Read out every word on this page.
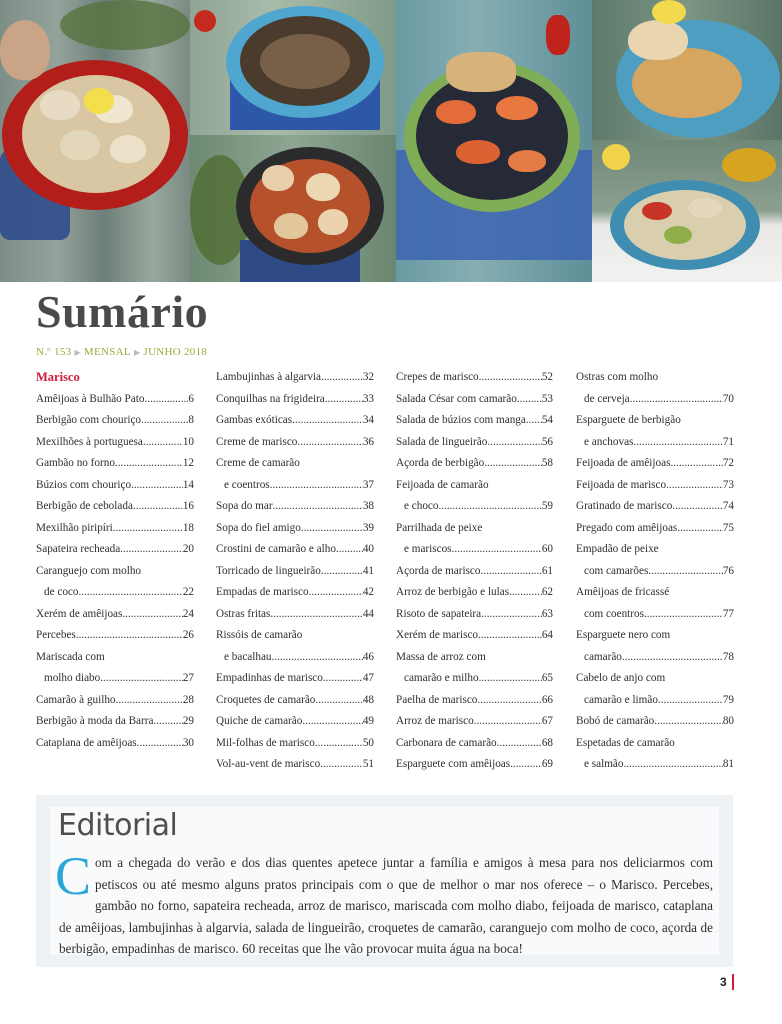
Sumário
N.º 153 ▶ MENSAL ▶ JUNHO 2018
Marisco
Amêijoas à Bulhão Pato .....	6
Berbigão com chouriço .....	8
Mexilhões à portuguesa .....	10
Gambão no forno .....	12
Búzios com chouriço .....	14
Berbigão de cebolada .....	16
Mexilhão piripíri .....	18
Sapateira recheada .....	20
Caranguejo com molho
de coco .....	22
Xerém de amêijoas .....	24
Percebes .....	26
Mariscada com
molho diabo .....	27
Camarão à guilho .....	28
Berbigão à moda da Barra .....	29
Cataplana de amêijoas .....	30
Lambujinhas à algarvia .....	32
Conquilhas na frigideira .....	33
Gambas exóticas .....	34
Creme de marisco .....	36
Creme de camarão
e coentros .....	37
Sopa do mar .....	38
Sopa do fiel amigo .....	39
Crostini de camarão e alho ..... 40
Torricado de lingueirão .....	41
Empadas de marisco .....	42
Ostras fritas .....	44
Rissóis de camarão
e bacalhau .....	46
Empadinhas de marisco .....	47
Croquetes de camarão .....	48
Quiche de camarão .....	49
Mil-folhas de marisco .....	50
Vol-au-vent de marisco .....	51
Crepes de marisco .....	52
Salada César com camarão ..... 53
Salada de búzios com manga ..... 54
Salada de lingueirão .....	56
Açorda de berbigão .....	58
Feijoada de camarão
e choco .....	59
Parrilhada de peixe
e mariscos .....	60
Açorda de marisco .....	61
Arroz de berbigão e lulas .....	62
Risoto de sapateira .....	63
Xerém de marisco .....	64
Massa de arroz com
camarão e milho .....	65
Paelha de marisco .....	66
Arroz de marisco .....	67
Carbonara de camarão .....	68
Esparguete com amêijoas .....	69
Ostras com molho
de cerveja .....	70
Esparguete de berbigão
e anchovas .....	71
Feijoada de amêijoas .....	72
Feijoada de marisco .....	73
Gratinado de marisco .....	74
Pregado com amêijoas .....	75
Empadão de peixe
com camarões .....	76
Amêijoas de fricassé
com coentros .....	77
Esparguete nero com
camarão .....	78
Cabelo de anjo com
camarão e limão .....	79
Bobó de camarão .....	80
Espetadas de camarão
e salmão .....	81
Editorial
Com a chegada do verão e dos dias quentes apetece juntar a família e amigos à mesa para nos deliciarmos com petiscos ou até mesmo alguns pratos principais com o que de melhor o mar nos oferece – o Marisco. Percebes, gambão no forno, sapateira recheada, arroz de marisco, mariscada com molho diabo, feijoada de marisco, cataplana de amêijoas, lambujinhas à algarvia, salada de lingueirão, croquetes de camarão, caranguejo com molho de coco, açorda de berbigão, empadinhas de marisco. 60 receitas que lhe vão provocar muita água na boca!
3
